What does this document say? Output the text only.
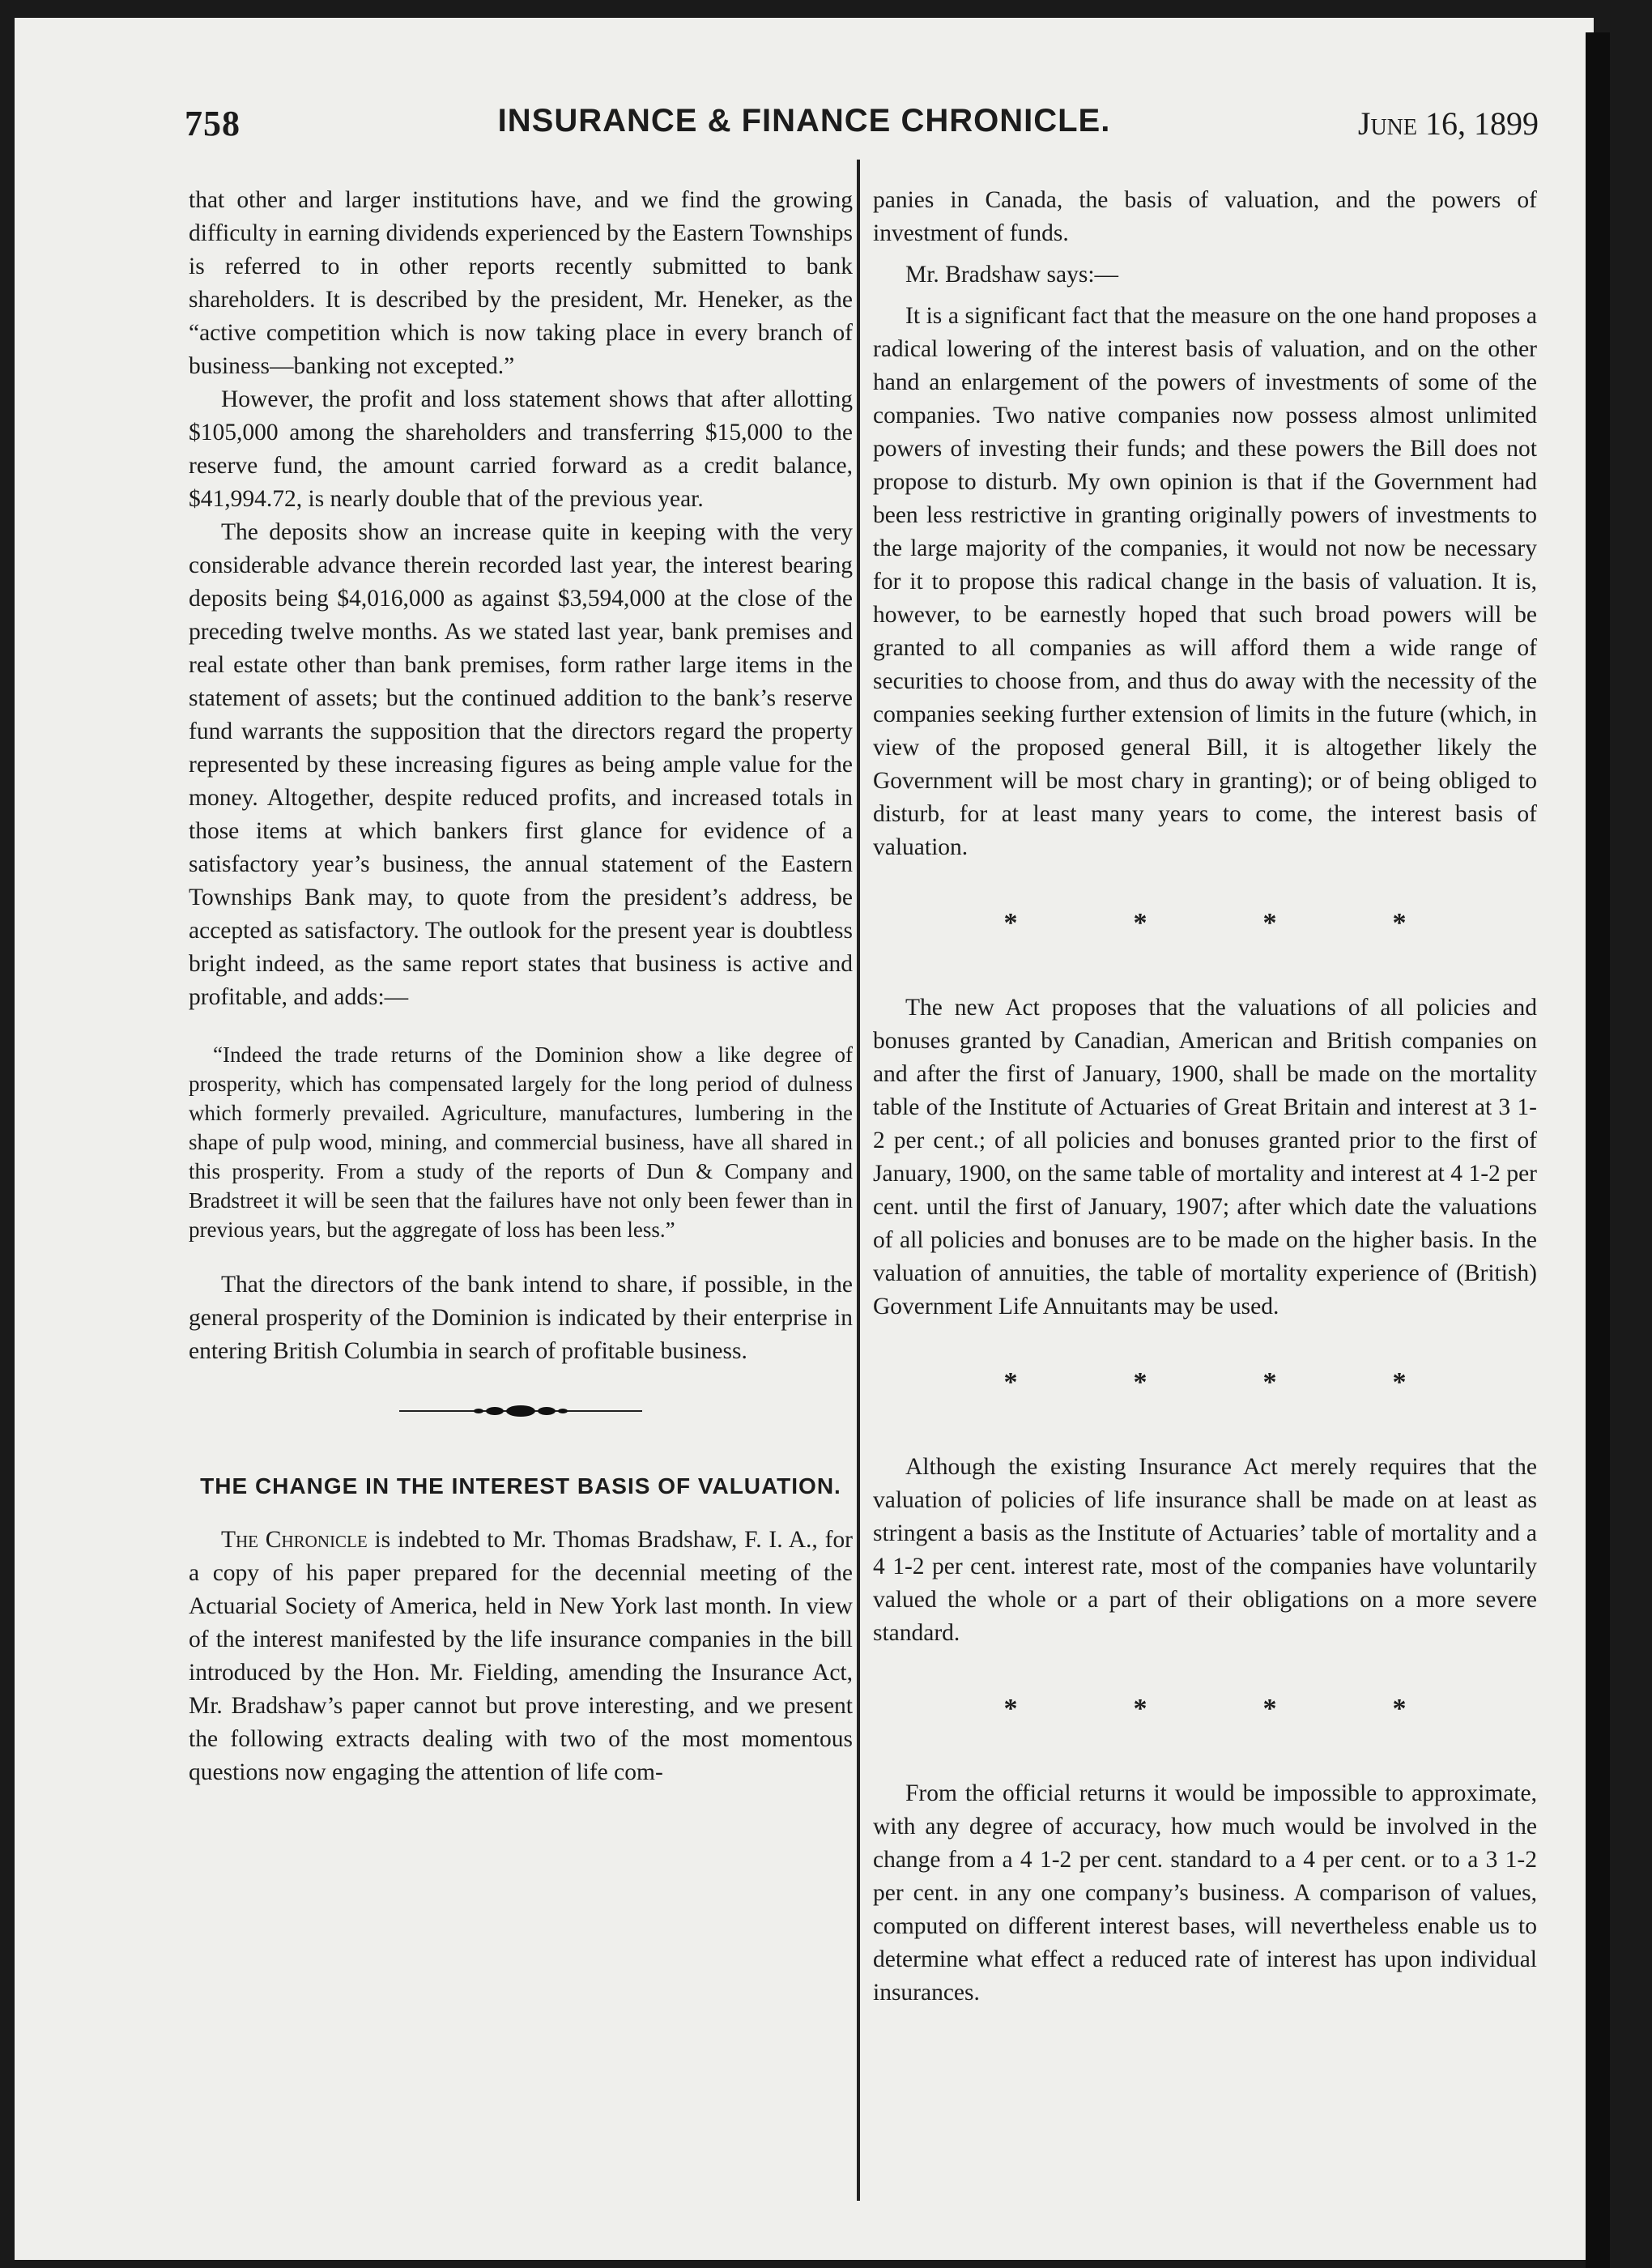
758	INSURANCE & FINANCE CHRONICLE.	June 16, 1899

that other and larger institutions have, and we find the growing difficulty in earning dividends experienced by the Eastern Townships is referred to in other reports recently submitted to bank shareholders. It is described by the president, Mr. Heneker, as the “active competition which is now taking place in every branch of business—banking not excepted.”

However, the profit and loss statement shows that after allotting $105,000 among the shareholders and transferring $15,000 to the reserve fund, the amount carried forward as a credit balance, $41,994.72, is nearly double that of the previous year.

The deposits show an increase quite in keeping with the very considerable advance therein recorded last year, the interest bearing deposits being $4,016,000 as against $3,594,000 at the close of the preceding twelve months. As we stated last year, bank premises and real estate other than bank premises, form rather large items in the statement of assets; but the continued addition to the bank’s reserve fund warrants the supposition that the directors regard the property represented by these increasing figures as being ample value for the money. Altogether, despite reduced profits, and increased totals in those items at which bankers first glance for evidence of a satisfactory year’s business, the annual statement of the Eastern Townships Bank may, to quote from the president’s address, be accepted as satisfactory. The outlook for the present year is doubtless bright indeed, as the same report states that business is active and profitable, and adds:—

“Indeed the trade returns of the Dominion show a like degree of prosperity, which has compensated largely for the long period of dulness which formerly prevailed. Agriculture, manufactures, lumbering in the shape of pulp wood, mining, and commercial business, have all shared in this prosperity. From a study of the reports of Dun & Company and Bradstreet it will be seen that the failures have not only been fewer than in previous years, but the aggregate of loss has been less.”

That the directors of the bank intend to share, if possible, in the general prosperity of the Dominion is indicated by their enterprise in entering British Columbia in search of profitable business.

THE CHANGE IN THE INTEREST BASIS OF VALUATION.

The Chronicle is indebted to Mr. Thomas Bradshaw, F. I. A., for a copy of his paper prepared for the decennial meeting of the Actuarial Society of America, held in New York last month. In view of the interest manifested by the life insurance companies in the bill introduced by the Hon. Mr. Fielding, amending the Insurance Act, Mr. Bradshaw’s paper cannot but prove interesting, and we present the following extracts dealing with two of the most momentous questions now engaging the attention of life com-

panies in Canada, the basis of valuation, and the powers of investment of funds.

Mr. Bradshaw says:—

It is a significant fact that the measure on the one hand proposes a radical lowering of the interest basis of valuation, and on the other hand an enlargement of the powers of investments of some of the companies. Two native companies now possess almost unlimited powers of investing their funds; and these powers the Bill does not propose to disturb. My own opinion is that if the Government had been less restrictive in granting originally powers of investments to the large majority of the companies, it would not now be necessary for it to propose this radical change in the basis of valuation. It is, however, to be earnestly hoped that such broad powers will be granted to all companies as will afford them a wide range of securities to choose from, and thus do away with the necessity of the companies seeking further extension of limits in the future (which, in view of the proposed general Bill, it is altogether likely the Government will be most chary in granting); or of being obliged to disturb, for at least many years to come, the interest basis of valuation.

*	*	*	*

The new Act proposes that the valuations of all policies and bonuses granted by Canadian, American and British companies on and after the first of January, 1900, shall be made on the mortality table of the Institute of Actuaries of Great Britain and interest at 3 1-2 per cent.; of all policies and bonuses granted prior to the first of January, 1900, on the same table of mortality and interest at 4 1-2 per cent. until the first of January, 1907; after which date the valuations of all policies and bonuses are to be made on the higher basis. In the valuation of annuities, the table of mortality experience of (British) Government Life Annuitants may be used.

*	*	*	*

Although the existing Insurance Act merely requires that the valuation of policies of life insurance shall be made on at least as stringent a basis as the Institute of Actuaries’ table of mortality and a 4 1-2 per cent. interest rate, most of the companies have voluntarily valued the whole or a part of their obligations on a more severe standard.

*	*	*	*

From the official returns it would be impossible to approximate, with any degree of accuracy, how much would be involved in the change from a 4 1-2 per cent. standard to a 4 per cent. or to a 3 1-2 per cent. in any one company’s business. A comparison of values, computed on different interest bases, will nevertheless enable us to determine what effect a reduced rate of interest has upon individual insurances.
